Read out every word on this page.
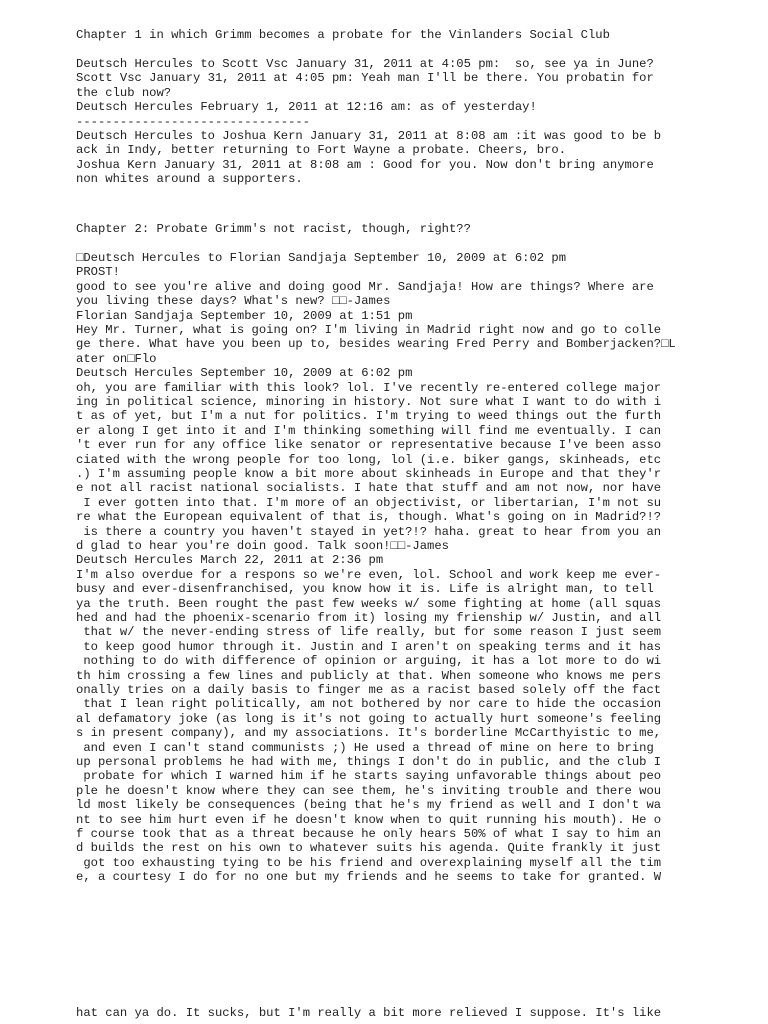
Chapter 1 in which Grimm becomes a probate for the Vinlanders Social Club
Deutsch Hercules to Scott Vsc January 31, 2011 at 4:05 pm:  so, see ya in June?
Scott Vsc January 31, 2011 at 4:05 pm: Yeah man I'll be there. You probatin for
the club now?
Deutsch Hercules February 1, 2011 at 12:16 am: as of yesterday!
--------------------------------
Deutsch Hercules to Joshua Kern January 31, 2011 at 8:08 am :it was good to be b
ack in Indy, better returning to Fort Wayne a probate. Cheers, bro.
Joshua Kern January 31, 2011 at 8:08 am : Good for you. Now don't bring anymore
non whites around a supporters.
Chapter 2: Probate Grimm's not racist, though, right??
□Deutsch Hercules to Florian Sandjaja September 10, 2009 at 6:02 pm
PROST!
good to see you're alive and doing good Mr. Sandjaja! How are things? Where are
you living these days? What's new? □□-James
Florian Sandjaja September 10, 2009 at 1:51 pm
Hey Mr. Turner, what is going on? I'm living in Madrid right now and go to colle
ge there. What have you been up to, besides wearing Fred Perry and Bomberjacken?□L
ater on□Flo
Deutsch Hercules September 10, 2009 at 6:02 pm
oh, you are familiar with this look? lol. I've recently re-entered college major
ing in political science, minoring in history. Not sure what I want to do with i
t as of yet, but I'm a nut for politics. I'm trying to weed things out the furth
er along I get into it and I'm thinking something will find me eventually. I can
't ever run for any office like senator or representative because I've been asso
ciated with the wrong people for too long, lol (i.e. biker gangs, skinheads, etc
.) I'm assuming people know a bit more about skinheads in Europe and that they'r
e not all racist national socialists. I hate that stuff and am not now, nor have
I ever gotten into that. I'm more of an objectivist, or libertarian, I'm not su
re what the European equivalent of that is, though. What's going on in Madrid?!?
is there a country you haven't stayed in yet?!? haha. great to hear from you an
d glad to hear you're doin good. Talk soon!□□-James
Deutsch Hercules March 22, 2011 at 2:36 pm
I'm also overdue for a respons so we're even, lol. School and work keep me ever-
busy and ever-disenfranchised, you know how it is. Life is alright man, to tell
ya the truth. Been rought the past few weeks w/ some fighting at home (all squas
hed and had the phoenix-scenario from it) losing my frienship w/ Justin, and all
that w/ the never-ending stress of life really, but for some reason I just seem
to keep good humor through it. Justin and I aren't on speaking terms and it has
nothing to do with difference of opinion or arguing, it has a lot more to do wi
th him crossing a few lines and publicly at that. When someone who knows me pers
onally tries on a daily basis to finger me as a racist based solely off the fact
that I lean right politically, am not bothered by nor care to hide the occasion
al defamatory joke (as long is it's not going to actually hurt someone's feeling
s in present company), and my associations. It's borderline McCarthyistic to me,
and even I can't stand communists ;) He used a thread of mine on here to bring
up personal problems he had with me, things I don't do in public, and the club I
probate for which I warned him if he starts saying unfavorable things about peo
ple he doesn't know where they can see them, he's inviting trouble and there wou
ld most likely be consequences (being that he's my friend as well and I don't wa
nt to see him hurt even if he doesn't know when to quit running his mouth). He o
f course took that as a threat because he only hears 50% of what I say to him an
d builds the rest on his own to whatever suits his agenda. Quite frankly it just
got too exhausting tying to be his friend and overexplaining myself all the tim
e, a courtesy I do for no one but my friends and he seems to take for granted. W
hat can ya do. It sucks, but I'm really a bit more relieved I suppose. It's like
